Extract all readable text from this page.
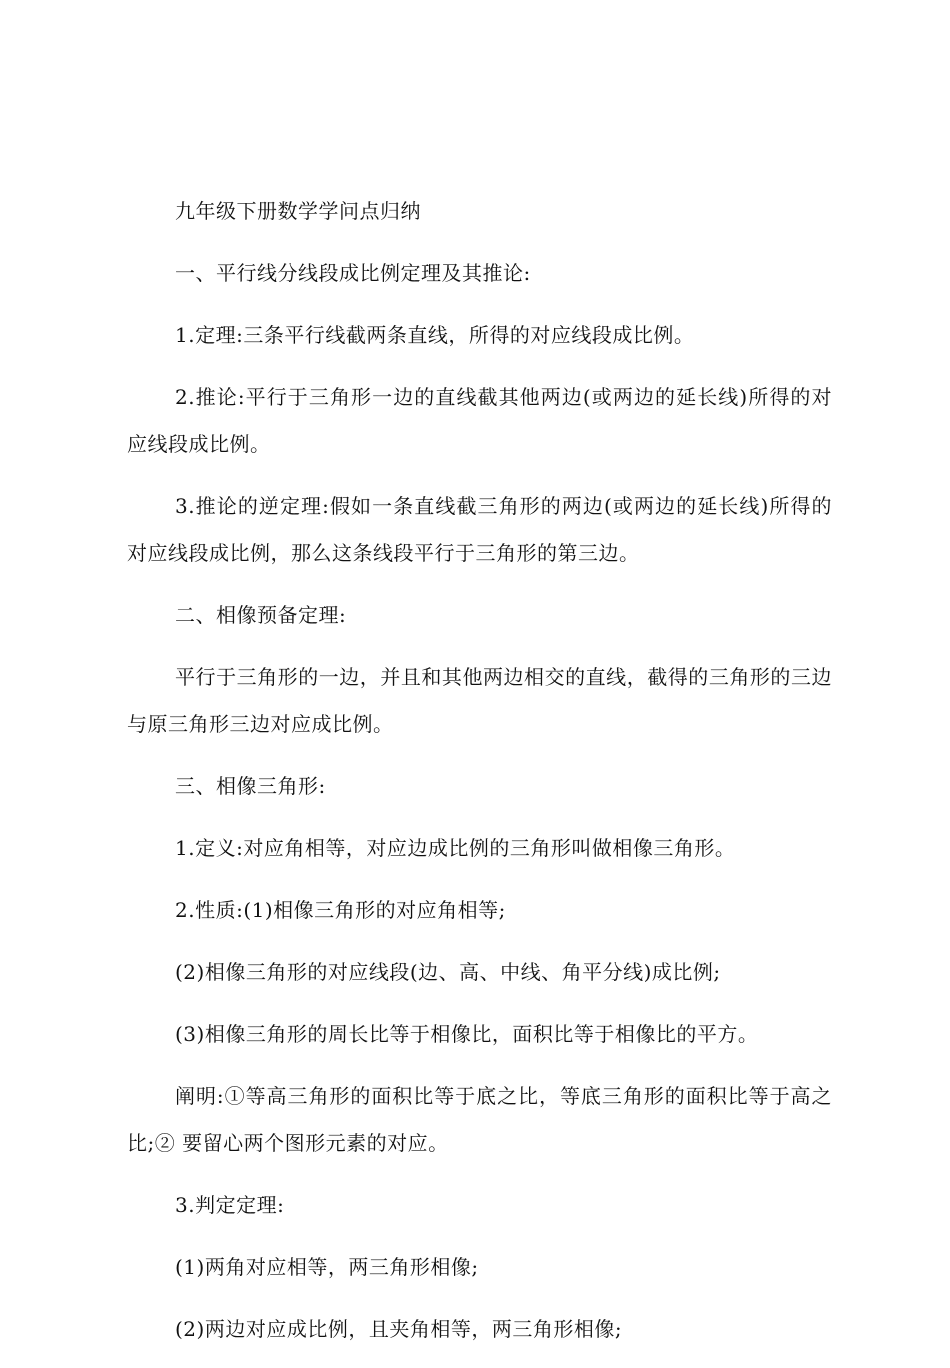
九年级下册数学学问点归纳

一、平行线分线段成比例定理及其推论:

1.定理:三条平行线截两条直线，所得的对应线段成比例。

2.推论:平行于三角形一边的直线截其他两边(或两边的延长线)所得的对应线段成比例。

3.推论的逆定理:假如一条直线截三角形的两边(或两边的延长线)所得的对应线段成比例，那么这条线段平行于三角形的第三边。

二、相像预备定理:

平行于三角形的一边，并且和其他两边相交的直线，截得的三角形的三边与原三角形三边对应成比例。

三、相像三角形:

1.定义:对应角相等，对应边成比例的三角形叫做相像三角形。

2.性质:(1)相像三角形的对应角相等;

(2)相像三角形的对应线段(边、高、中线、角平分线)成比例;

(3)相像三角形的周长比等于相像比，面积比等于相像比的平方。

阐明:①等高三角形的面积比等于底之比，等底三角形的面积比等于高之比;② 要留心两个图形元素的对应。

3.判定定理:

(1)两角对应相等，两三角形相像;

(2)两边对应成比例，且夹角相等，两三角形相像;
